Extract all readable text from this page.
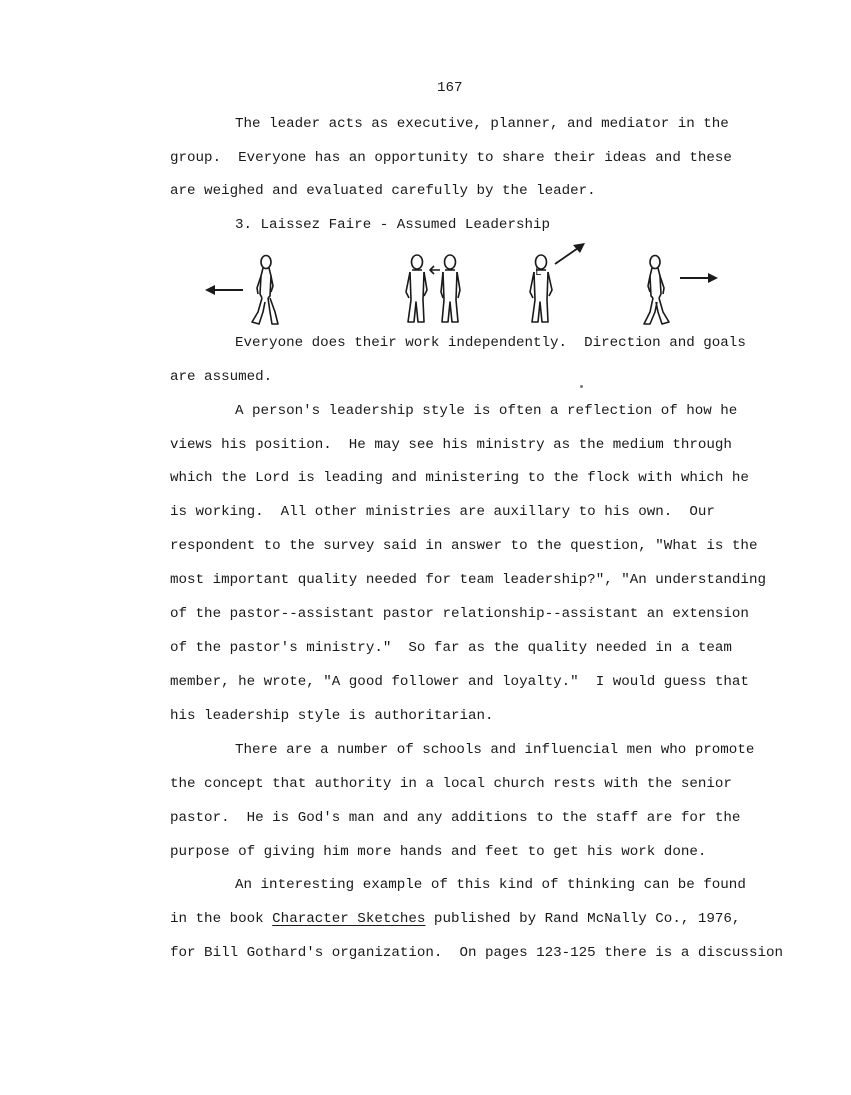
167
The leader acts as executive, planner, and mediator in the
group.  Everyone has an opportunity to share their ideas and these
are weighed and evaluated carefully by the leader.
3. Laissez Faire - Assumed Leadership
L
Everyone does their work independently.  Direction and goals
are assumed.
A person's leadership style is often a reflection of how he
views his position.  He may see his ministry as the medium through
which the Lord is leading and ministering to the flock with which he
is working.  All other ministries are auxillary to his own.  Our
respondent to the survey said in answer to the question, "What is the
most important quality needed for team leadership?", "An understanding
of the pastor--assistant pastor relationship--assistant an extension
of the pastor's ministry."  So far as the quality needed in a team
member, he wrote, "A good follower and loyalty."  I would guess that
his leadership style is authoritarian.
There are a number of schools and influencial men who promote
the concept that authority in a local church rests with the senior
pastor.  He is God's man and any additions to the staff are for the
purpose of giving him more hands and feet to get his work done.
An interesting example of this kind of thinking can be found
in the book Character Sketches published by Rand McNally Co., 1976,
for Bill Gothard's organization.  On pages 123-125 there is a discussion
